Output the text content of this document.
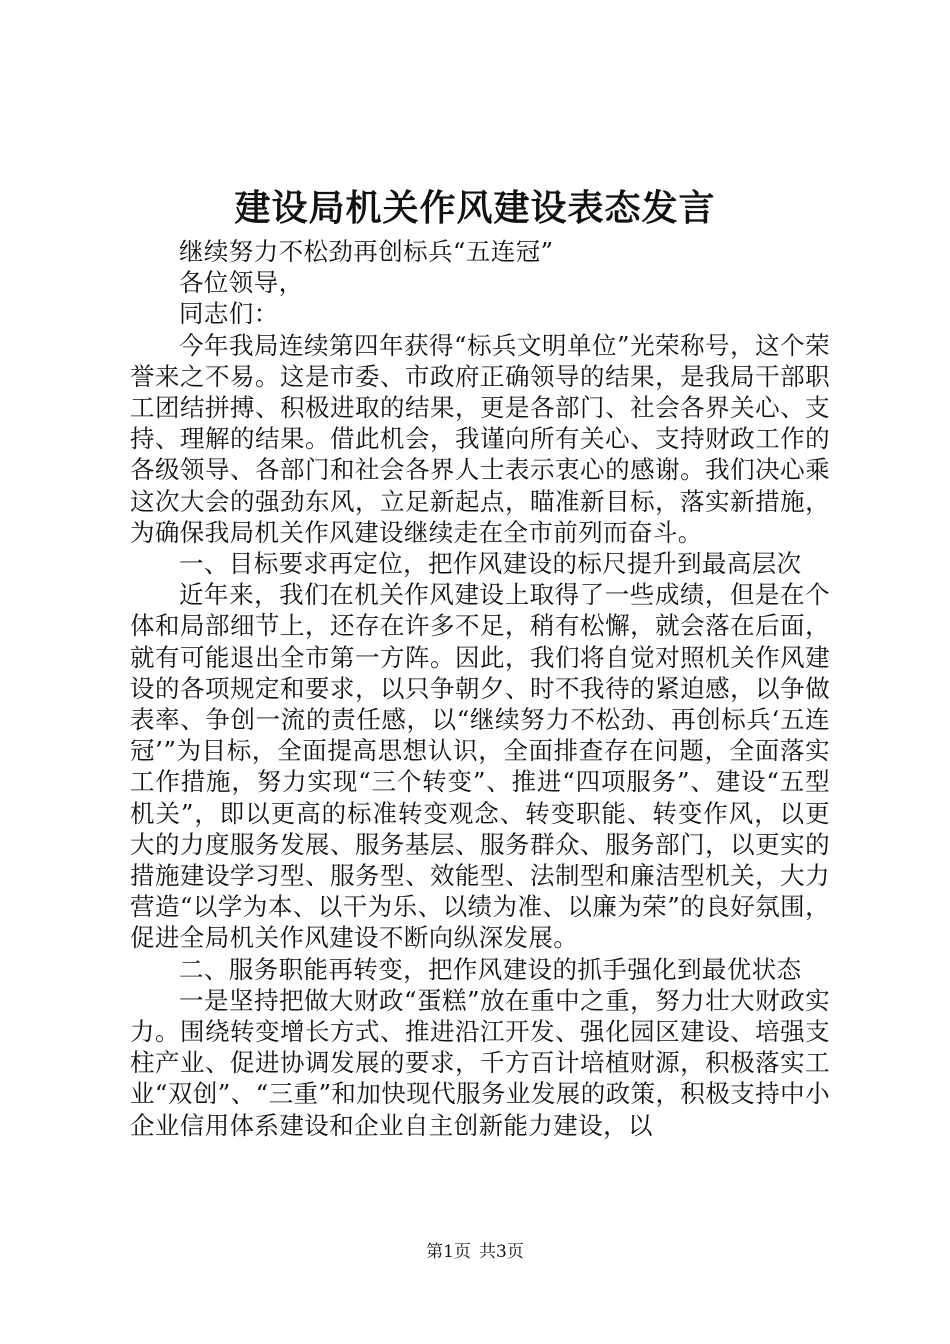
建设局机关作风建设表态发言

继续努力不松劲再创标兵“五连冠”

各位领导，

同志们：

今年我局连续第四年获得“标兵文明单位”光荣称号，这个荣誉来之不易。这是市委、市政府正确领导的结果，是我局干部职工团结拼搏、积极进取的结果，更是各部门、社会各界关心、支持、理解的结果。借此机会，我谨向所有关心、支持财政工作的各级领导、各部门和社会各界人士表示衷心的感谢。我们决心乘这次大会的强劲东风，立足新起点，瞄准新目标，落实新措施，为确保我局机关作风建设继续走在全市前列而奋斗。

一、目标要求再定位，把作风建设的标尺提升到最高层次

近年来，我们在机关作风建设上取得了一些成绩，但是在个体和局部细节上，还存在许多不足，稍有松懈，就会落在后面，就有可能退出全市第一方阵。因此，我们将自觉对照机关作风建设的各项规定和要求，以只争朝夕、时不我待的紧迫感，以争做表率、争创一流的责任感，以“继续努力不松劲、再创标兵‘五连冠’”为目标，全面提高思想认识，全面排查存在问题，全面落实工作措施，努力实现“三个转变”、推进“四项服务”、建设“五型机关”，即以更高的标准转变观念、转变职能、转变作风，以更大的力度服务发展、服务基层、服务群众、服务部门，以更实的措施建设学习型、服务型、效能型、法制型和廉洁型机关，大力营造“以学为本、以干为乐、以绩为准、以廉为荣”的良好氛围，促进全局机关作风建设不断向纵深发展。

二、服务职能再转变，把作风建设的抓手强化到最优状态

一是坚持把做大财政“蛋糕”放在重中之重，努力壮大财政实力。围绕转变增长方式、推进沿江开发、强化园区建设、培强支柱产业、促进协调发展的要求，千方百计培植财源，积极落实工业“双创”、“三重”和加快现代服务业发展的政策，积极支持中小企业信用体系建设和企业自主创新能力建设，以

第1页 共3页
